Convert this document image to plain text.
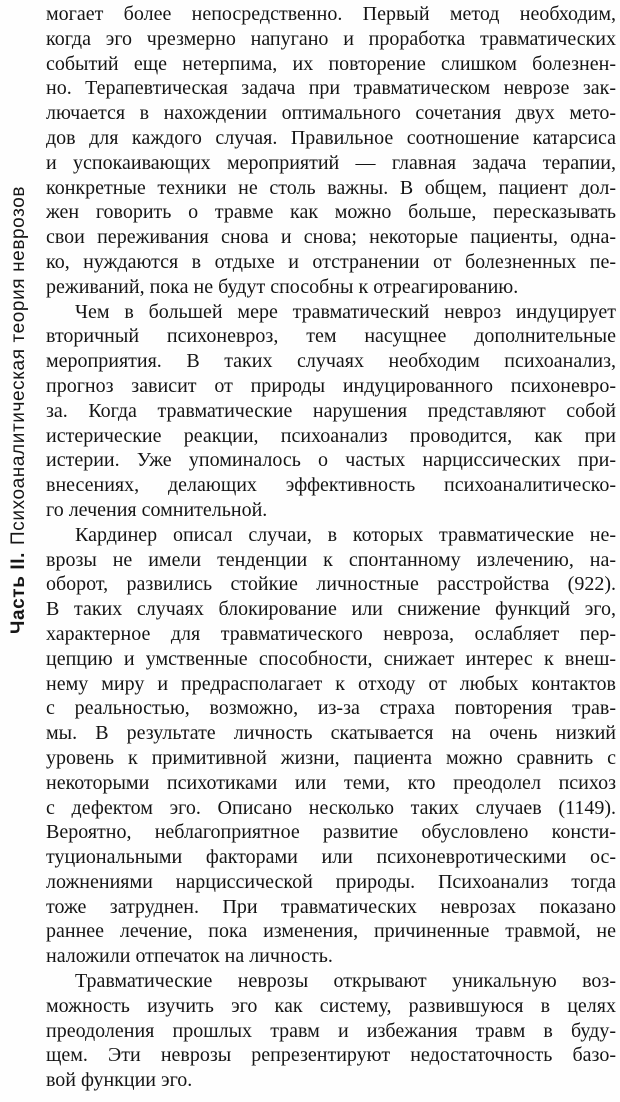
Часть II.Психоаналитическая теория неврозов
могает более непосредственно. Первый метод необходим,
когда эго чрезмерно напугано и проработка травматических
событий еще нетерпима, их повторение слишком болезнен-
но. Терапевтическая задача при травматическом неврозе зак-
лючается в нахождении оптимального сочетания двух мето-
дов для каждого случая. Правильное соотношение катарсиса
и успокаивающих мероприятий — главная задача терапии,
конкретные техники не столь важны. В общем, пациент дол-
жен говорить о травме как можно больше, пересказывать
свои переживания снова и снова; некоторые пациенты, одна-
ко, нуждаются в отдыхе и отстранении от болезненных пе-
реживаний, пока не будут способны к отреагированию.
Чем в большей мере травматический невроз индуцирует
вторичный психоневроз, тем насущнее дополнительные
мероприятия. В таких случаях необходим психоанализ,
прогноз зависит от природы индуцированного психоневро-
за. Когда травматические нарушения представляют собой
истерические реакции, психоанализ проводится, как при
истерии. Уже упоминалось о частых нарциссических при-
внесениях, делающих эффективность психоаналитическо-
го лечения сомнительной.
Кардинер описал случаи, в которых травматические не-
врозы не имели тенденции к спонтанному излечению, на-
оборот, развились стойкие личностные расстройства (922).
В таких случаях блокирование или снижение функций эго,
характерное для травматического невроза, ослабляет пер-
цепцию и умственные способности, снижает интерес к внеш-
нему миру и предрасполагает к отходу от любых контактов
с реальностью, возможно, из-за страха повторения трав-
мы. В результате личность скатывается на очень низкий
уровень к примитивной жизни, пациента можно сравнить с
некоторыми психотиками или теми, кто преодолел психоз
с дефектом эго. Описано несколько таких случаев (1149).
Вероятно, неблагоприятное развитие обусловлено консти-
туциональными факторами или психоневротическими ос-
ложнениями нарциссической природы. Психоанализ тогда
тоже затруднен. При травматических неврозах показано
раннее лечение, пока изменения, причиненные травмой, не
наложили отпечаток на личность.
Травматические неврозы открывают уникальную воз-
можность изучить эго как систему, развившуюся в целях
преодоления прошлых травм и избежания травм в буду-
щем. Эти неврозы репрезентируют недостаточность базо-
вой функции эго.
